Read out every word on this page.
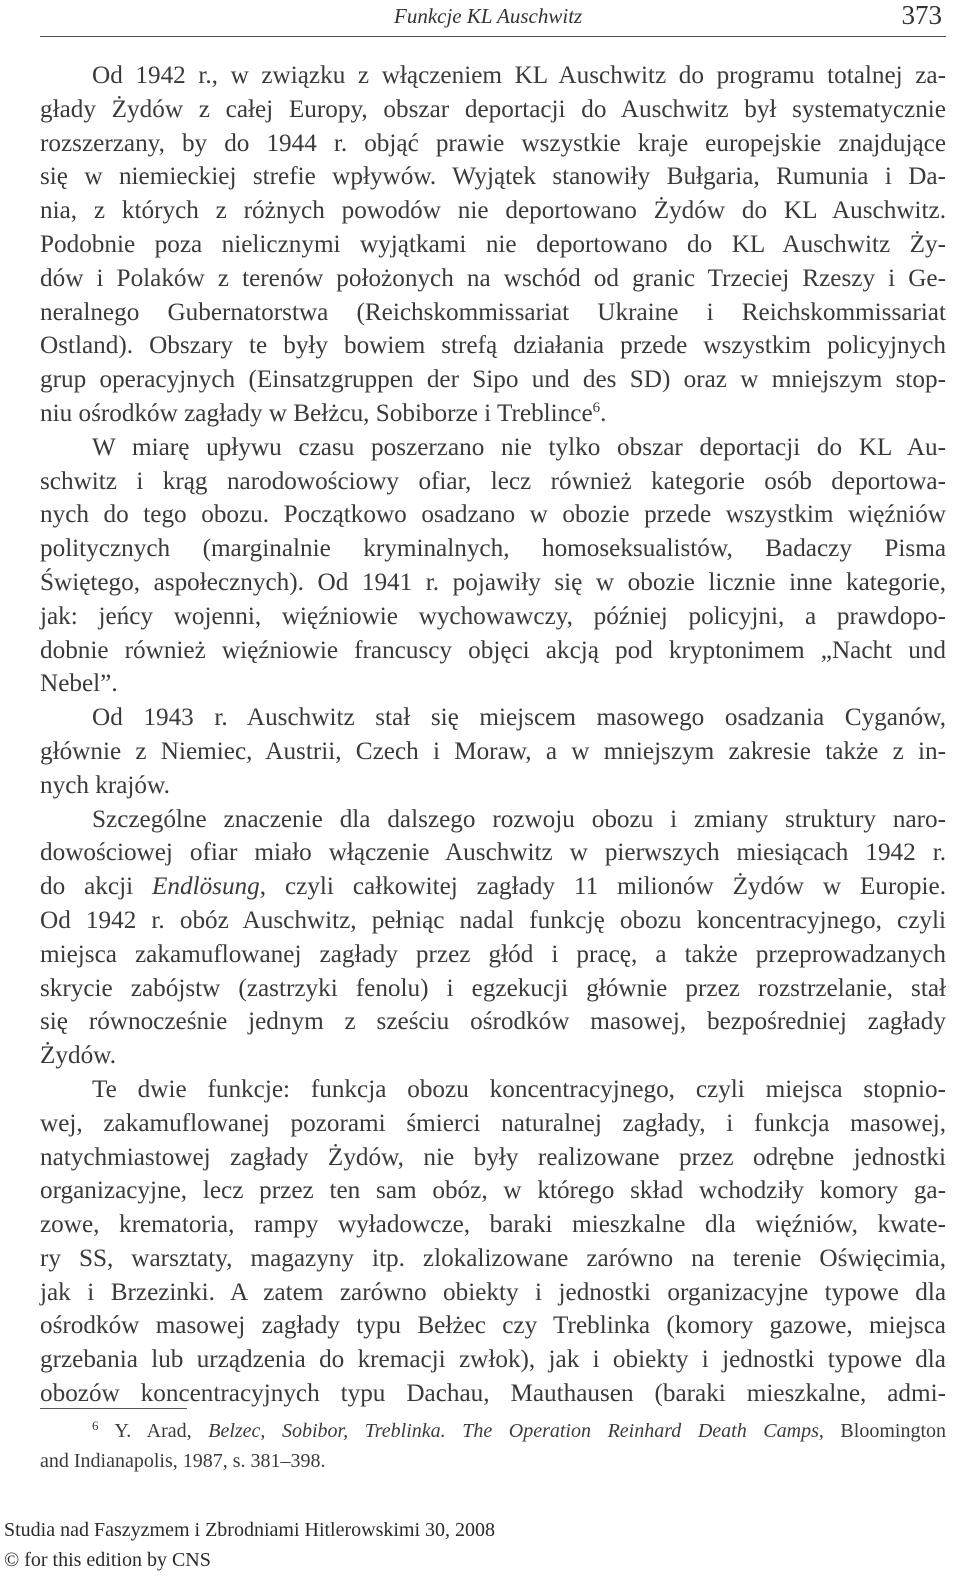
Funkcje KL Auschwitz	373
Od 1942 r., w związku z włączeniem KL Auschwitz do programu totalnej za-
głady Żydów z całej Europy, obszar deportacji do Auschwitz był systematycznie
rozszerzany, by do 1944 r. objąć prawie wszystkie kraje europejskie znajdujące
się w niemieckiej strefie wpływów. Wyjątek stanowiły Bułgaria, Rumunia i Da-
nia, z których z różnych powodów nie deportowano Żydów do KL Auschwitz.
Podobnie poza nielicznymi wyjątkami nie deportowano do KL Auschwitz Ży-
dów i Polaków z terenów położonych na wschód od granic Trzeciej Rzeszy i Ge-
neralnego Gubernatorstwa (Reichskommissariat Ukraine i Reichskommissariat
Ostland). Obszary te były bowiem strefą działania przede wszystkim policyjnych
grup operacyjnych (Einsatzgruppen der Sipo und des SD) oraz w mniejszym stop-
niu ośrodków zagłady w Bełżcu, Sobiborze i Treblince$^6$.
W miarę upływu czasu poszerzano nie tylko obszar deportacji do KL Au-
schwitz i krąg narodowościowy ofiar, lecz również kategorie osób deportowa-
nych do tego obozu. Początkowo osadzano w obozie przede wszystkim więźniów
politycznych (marginalnie kryminalnych, homoseksualistów, Badaczy Pisma
Świętego, aspołecznych). Od 1941 r. pojawiły się w obozie licznie inne kategorie,
jak: jeńcy wojenni, więźniowie wychowawczy, później policyjni, a prawdopo-
dobnie również więźniowie francuscy objęci akcją pod kryptonimem „Nacht und
Nebel”.
Od 1943 r. Auschwitz stał się miejscem masowego osadzania Cyganów,
głównie z Niemiec, Austrii, Czech i Moraw, a w mniejszym zakresie także z in-
nych krajów.
Szczególne znaczenie dla dalszego rozwoju obozu i zmiany struktury naro-
dowościowej ofiar miało włączenie Auschwitz w pierwszych miesiącach 1942 r.
do akcji Endlösung, czyli całkowitej zagłady 11 milionów Żydów w Europie.
Od 1942 r. obóz Auschwitz, pełniąc nadal funkcję obozu koncentracyjnego, czyli
miejsca zakamuflowanej zagłady przez głód i pracę, a także przeprowadzanych
skrycie zabójstw (zastrzyki fenolu) i egzekucji głównie przez rozstrzelanie, stał
się równocześnie jednym z sześciu ośrodków masowej, bezpośredniej zagłady
Żydów.
Te dwie funkcje: funkcja obozu koncentracyjnego, czyli miejsca stopnio-
wej, zakamuflowanej pozorami śmierci naturalnej zagłady, i funkcja masowej,
natychmiastowej zagłady Żydów, nie były realizowane przez odrębne jednostki
organizacyjne, lecz przez ten sam obóz, w którego skład wchodziły komory ga-
zowe, krematoria, rampy wyładowcze, baraki mieszkalne dla więźniów, kwate-
ry SS, warsztaty, magazyny itp. zlokalizowane zarówno na terenie Oświęcimia,
jak i Brzezinki. A zatem zarówno obiekty i jednostki organizacyjne typowe dla
ośrodków masowej zagłady typu Bełżec czy Treblinka (komory gazowe, miejsca
grzebania lub urządzenia do kremacji zwłok), jak i obiekty i jednostki typowe dla
obozów koncentracyjnych typu Dachau, Mauthausen (baraki mieszkalne, admi-
$^6$ Y. Arad, Belzec, Sobibor, Treblinka. The Operation Reinhard Death Camps, Bloomington
and Indianapolis, 1987, s. 381–398.
Studia nad Faszyzmem i Zbrodniami Hitlerowskimi 30, 2008
© for this edition by CNS
